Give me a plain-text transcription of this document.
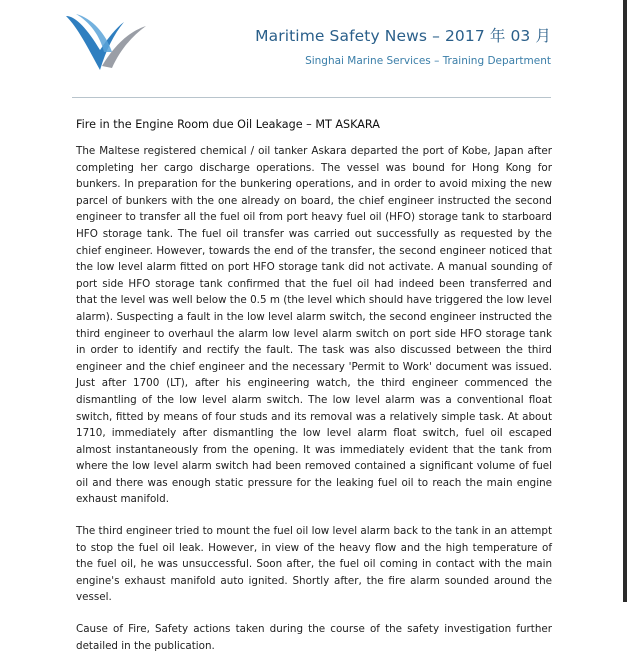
Maritime Safety News – 2017 年 03 月
Singhai Marine Services – Training Department
Fire in the Engine Room due Oil Leakage – MT ASKARA

The Maltese registered chemical / oil tanker Askara departed the port of Kobe, Japan after completing her cargo discharge operations. The vessel was bound for Hong Kong for bunkers. In preparation for the bunkering operations, and in order to avoid mixing the new parcel of bunkers with the one already on board, the chief engineer instructed the second engineer to transfer all the fuel oil from port heavy fuel oil (HFO) storage tank to starboard HFO storage tank. The fuel oil transfer was carried out successfully as requested by the chief engineer. However, towards the end of the transfer, the second engineer noticed that the low level alarm fitted on port HFO storage tank did not activate. A manual sounding of port side HFO storage tank confirmed that the fuel oil had indeed been transferred and that the level was well below the 0.5 m (the level which should have triggered the low level alarm). Suspecting a fault in the low level alarm switch, the second engineer instructed the third engineer to overhaul the alarm low level alarm switch on port side HFO storage tank in order to identify and rectify the fault. The task was also discussed between the third engineer and the chief engineer and the necessary 'Permit to Work' document was issued. Just after 1700 (LT), after his engineering watch, the third engineer commenced the dismantling of the low level alarm switch. The low level alarm was a conventional float switch, fitted by means of four studs and its removal was a relatively simple task. At about 1710, immediately after dismantling the low level alarm float switch, fuel oil escaped almost instantaneously from the opening. It was immediately evident that the tank from where the low level alarm switch had been removed contained a significant volume of fuel oil and there was enough static pressure for the leaking fuel oil to reach the main engine exhaust manifold.

The third engineer tried to mount the fuel oil low level alarm back to the tank in an attempt to stop the fuel oil leak. However, in view of the heavy flow and the high temperature of the fuel oil, he was unsuccessful. Soon after, the fuel oil coming in contact with the main engine's exhaust manifold auto ignited. Shortly after, the fire alarm sounded around the vessel.

Cause of Fire, Safety actions taken during the course of the safety investigation further detailed in the publication.
